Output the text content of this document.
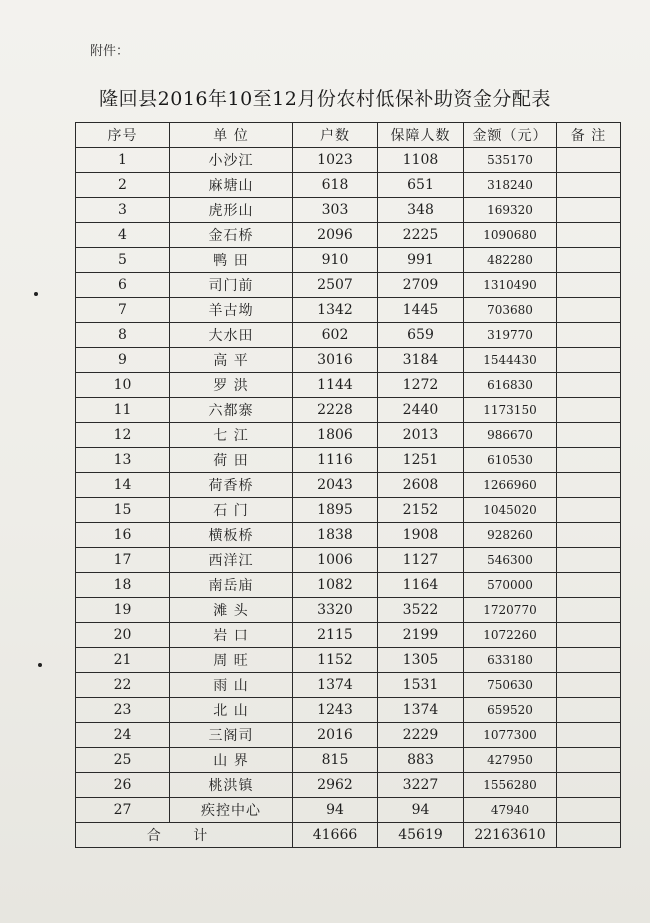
附件：
隆回县2016年10至12月份农村低保补助资金分配表
序号	单 位	户数	保障人数	金额（元）	备 注
1	小沙江	1023	1108	535170	
2	麻塘山	618	651	318240	
3	虎形山	303	348	169320	
4	金石桥	2096	2225	1090680	
5	鸭 田	910	991	482280	
6	司门前	2507	2709	1310490	
7	羊古坳	1342	1445	703680	
8	大水田	602	659	319770	
9	高 平	3016	3184	1544430	
10	罗 洪	1144	1272	616830	
11	六都寨	2228	2440	1173150	
12	七 江	1806	2013	986670	
13	荷 田	1116	1251	610530	
14	荷香桥	2043	2608	1266960	
15	石 门	1895	2152	1045020	
16	横板桥	1838	1908	928260	
17	西洋江	1006	1127	546300	
18	南岳庙	1082	1164	570000	
19	滩 头	3320	3522	1720770	
20	岩 口	2115	2199	1072260	
21	周 旺	1152	1305	633180	
22	雨 山	1374	1531	750630	
23	北 山	1243	1374	659520	
24	三阁司	2016	2229	1077300	
25	山 界	815	883	427950	
26	桃洪镇	2962	3227	1556280	
27	疾控中心	94	94	47940	
合 计		41666	45619	22163610	
